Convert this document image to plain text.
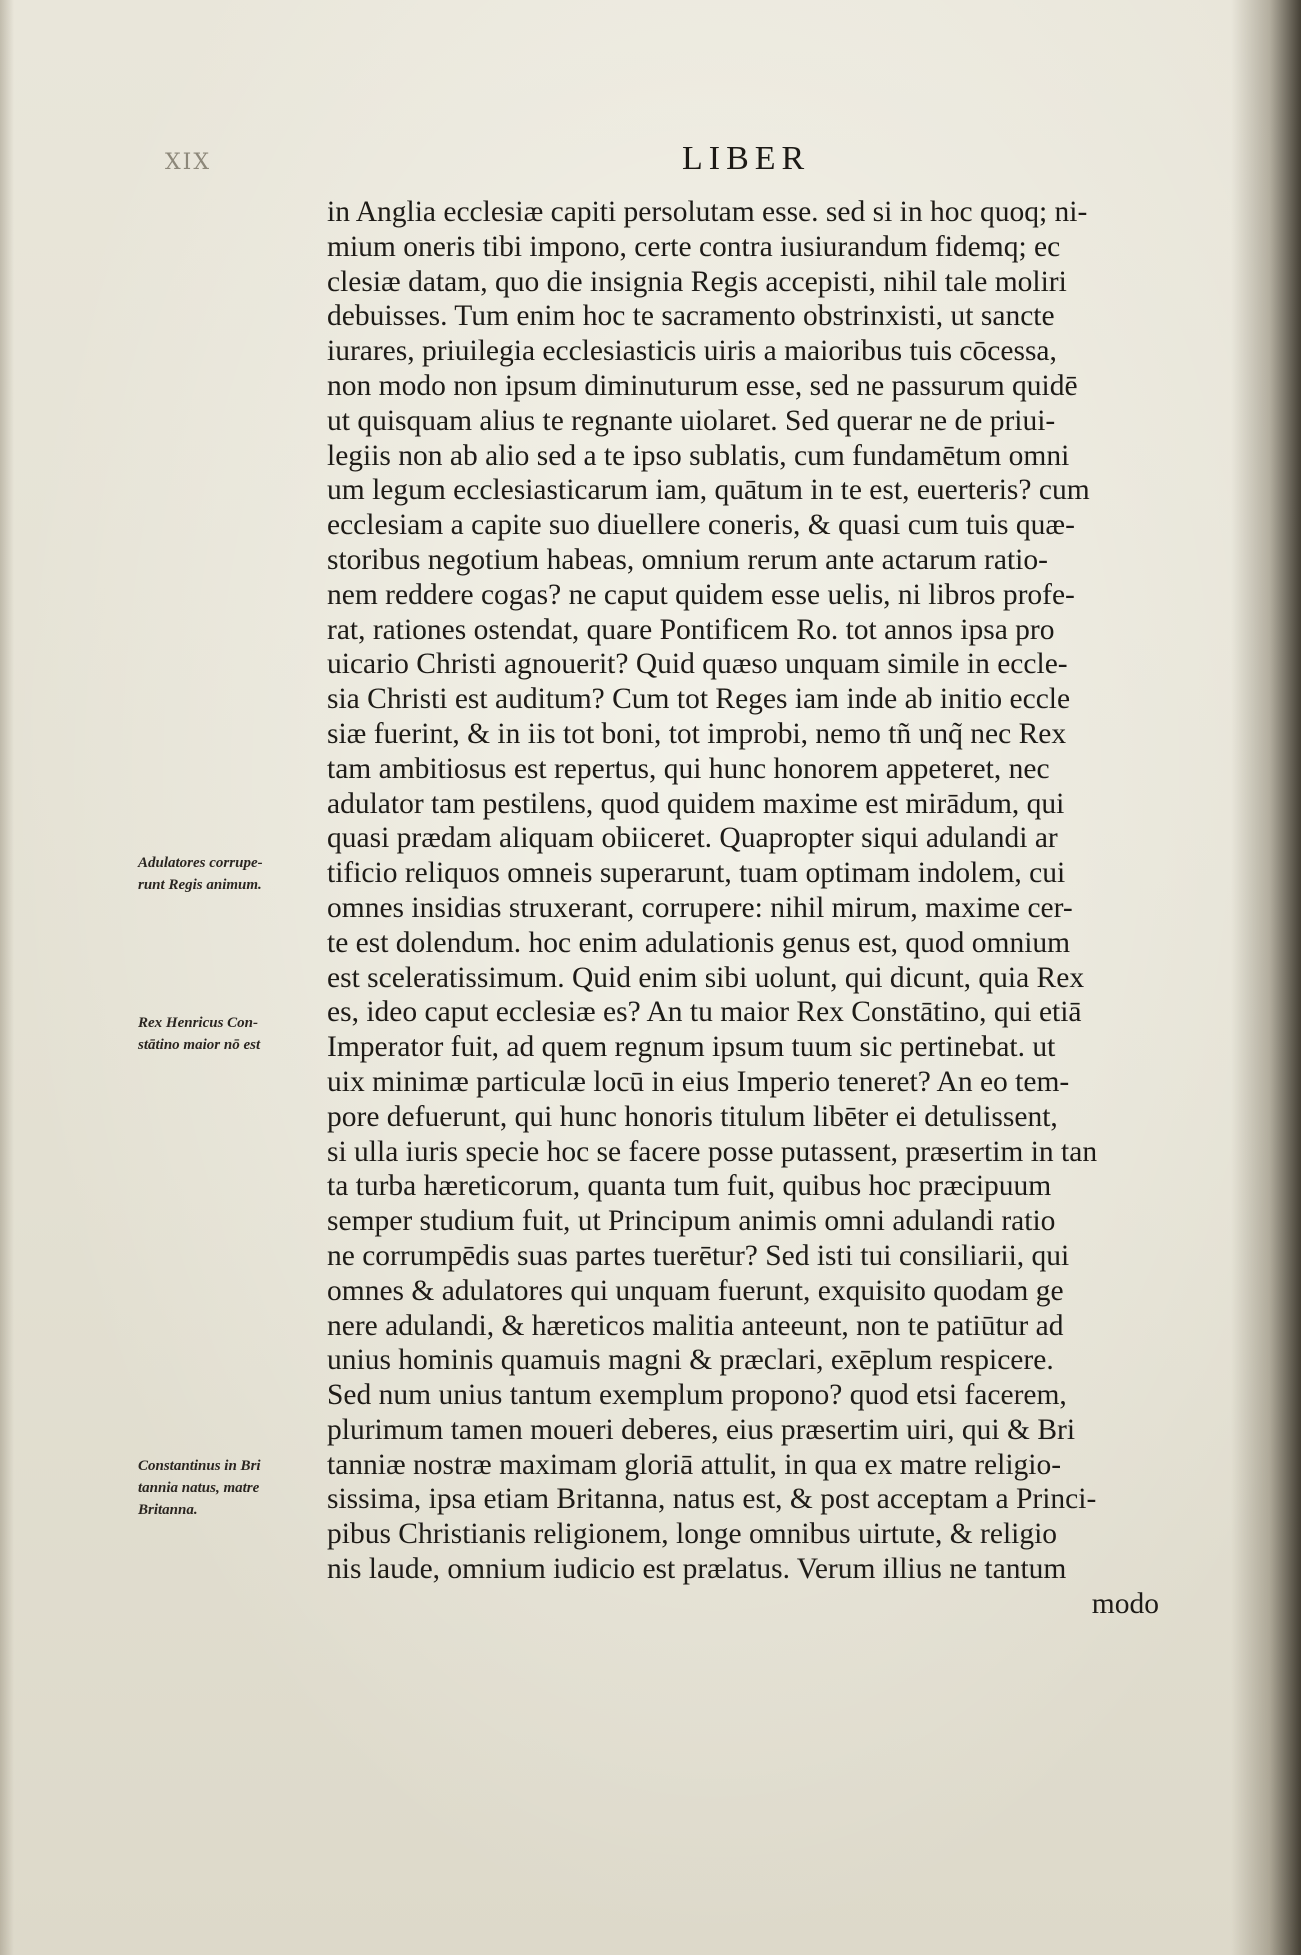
XIX	LIBER
in Anglia ecclesiæ capiti persolutam esse. sed si in hoc quoq; ni-
mium oneris tibi impono, certe contra iusiurandum fidemq; ec
clesiæ datam, quo die insignia Regis accepisti, nihil tale moliri
debuisses. Tum enim hoc te sacramento obstrinxisti, ut sancte
iurares, priuilegia ecclesiasticis uiris a maioribus tuis cōcessa,
non modo non ipsum diminuturum esse, sed ne passurum quidē
ut quisquam alius te regnante uiolaret. Sed querar ne de priui-
legiis non ab alio sed a te ipso sublatis, cum fundamētum omni
um legum ecclesiasticarum iam, quātum in te est, euerteris? cum
ecclesiam a capite suo diuellere coneris, & quasi cum tuis quæ-
storibus negotium habeas, omnium rerum ante actarum ratio-
nem reddere cogas? ne caput quidem esse uelis, ni libros profe-
rat, rationes ostendat, quare Pontificem Ro. tot annos ipsa pro
uicario Christi agnouerit? Quid quæso unquam simile in eccle-
sia Christi est auditum? Cum tot Reges iam inde ab initio eccle
siæ fuerint, & in iis tot boni, tot improbi, nemo tñ unq̃ nec Rex
tam ambitiosus est repertus, qui hunc honorem appeteret, nec
adulator tam pestilens, quod quidem maxime est mirādum, qui
quasi prædam aliquam obiiceret. Quapropter siqui adulandi ar
tificio reliquos omneis superarunt, tuam optimam indolem, cui
omnes insidias struxerant, corrupere: nihil mirum, maxime cer-
te est dolendum. hoc enim adulationis genus est, quod omnium
est sceleratissimum. Quid enim sibi uolunt, qui dicunt, quia Rex
es, ideo caput ecclesiæ es? An tu maior Rex Constātino, qui etiā
Imperator fuit, ad quem regnum ipsum tuum sic pertinebat. ut
uix minimæ particulæ locū in eius Imperio teneret? An eo tem-
pore defuerunt, qui hunc honoris titulum libēter ei detulissent,
si ulla iuris specie hoc se facere posse putassent, præsertim in tan
ta turba hæreticorum, quanta tum fuit, quibus hoc præcipuum
semper studium fuit, ut Principum animis omni adulandi ratio
ne corrumpēdis suas partes tuerētur? Sed isti tui consiliarii, qui
omnes & adulatores qui unquam fuerunt, exquisito quodam ge
nere adulandi, & hæreticos malitia anteeunt, non te patiūtur ad
unius hominis quamuis magni & præclari, exēplum respicere.
Sed num unius tantum exemplum propono? quod etsi facerem,
plurimum tamen moueri deberes, eius præsertim uiri, qui & Bri
tanniæ nostræ maximam gloriā attulit, in qua ex matre religio-
sissima, ipsa etiam Britanna, natus est, & post acceptam a Princi-
pibus Christianis religionem, longe omnibus uirtute, & religio
nis laude, omnium iudicio est prælatus. Verum illius ne tantum
modo
Adulatores corrupe-
runt Regis animum.
Rex Henricus Con-
stātino maior nō est
Constantinus in Bri
tannia natus, matre
Britanna.
